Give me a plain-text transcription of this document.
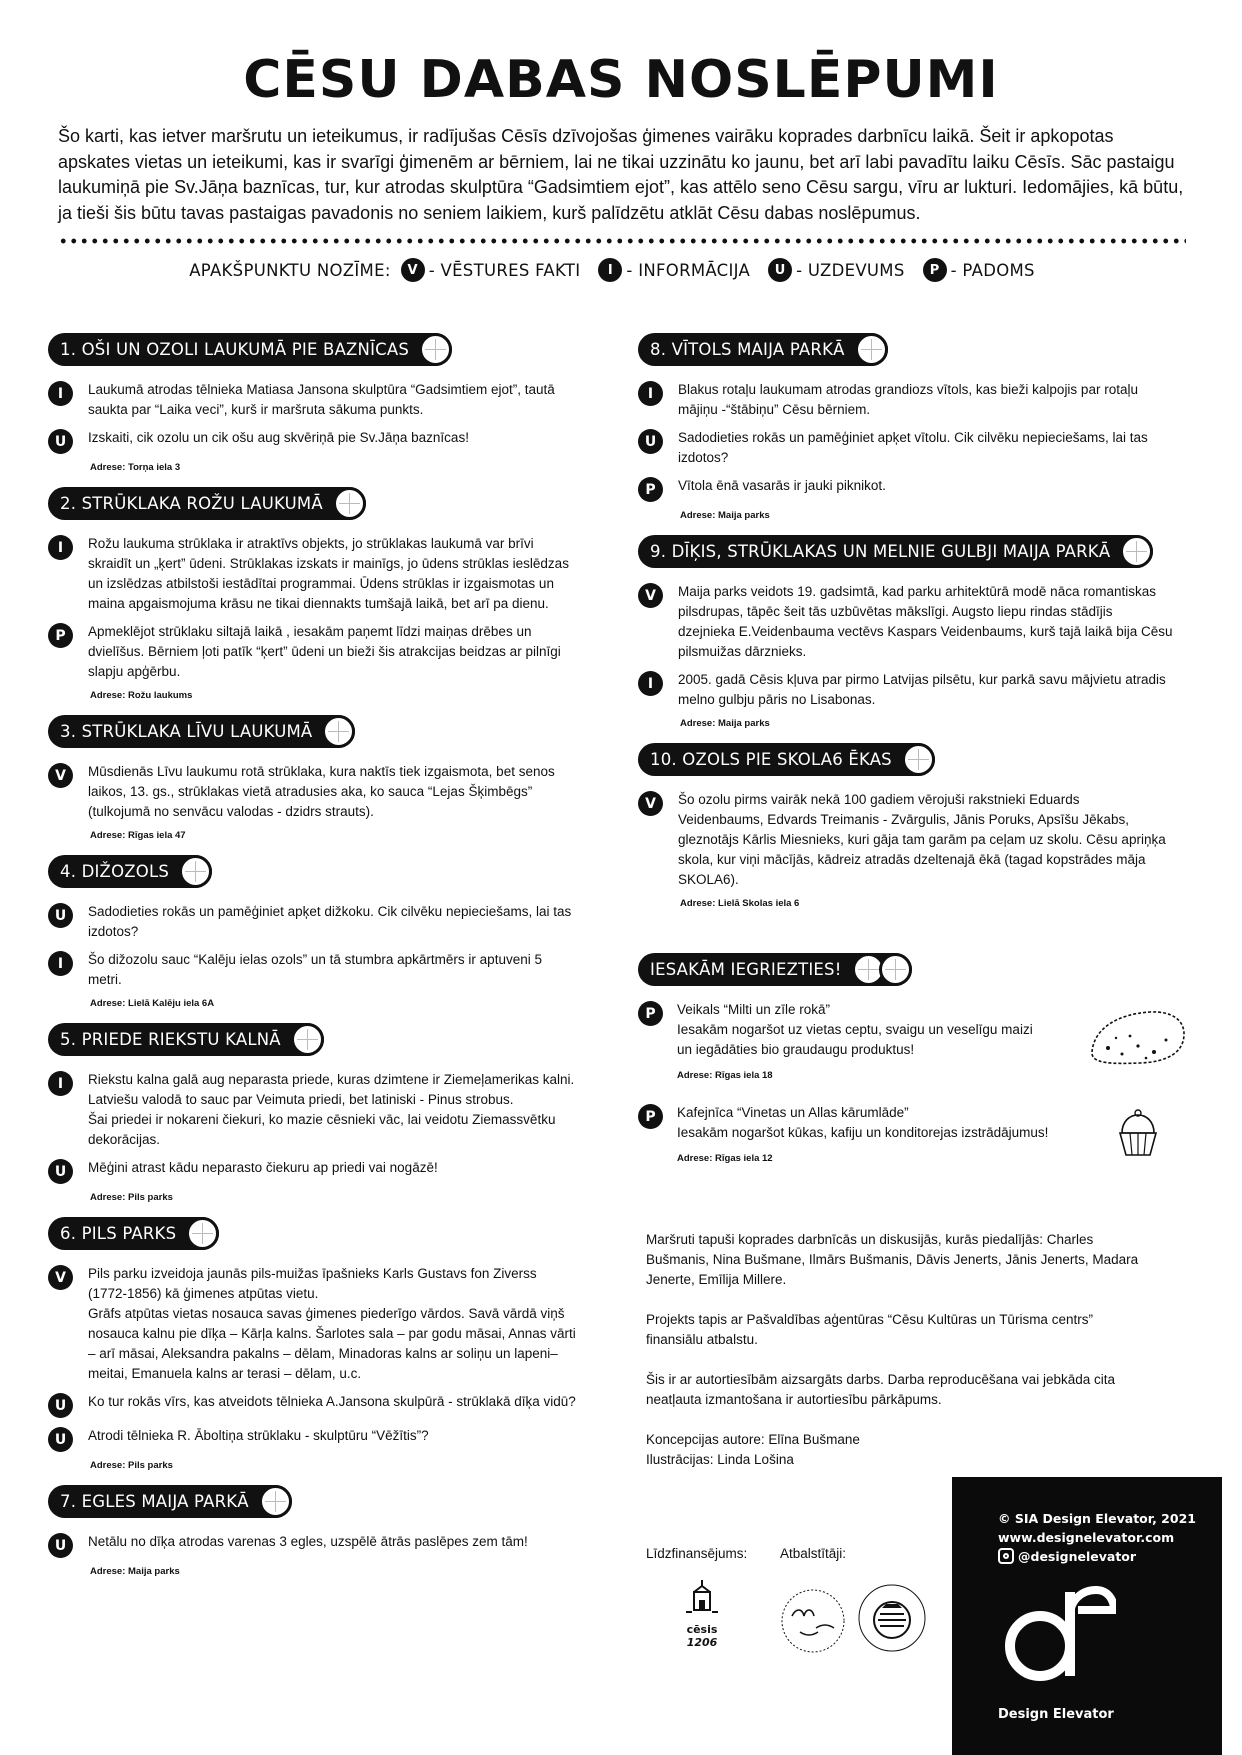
CĒSU DABAS NOSLĒPUMI
Šo karti, kas ietver maršrutu un ieteikumus, ir radījušas Cēsīs dzīvojošas ģimenes vairāku koprades darbnīcu laikā. Šeit ir apkopotas apskates vietas un ieteikumi, kas ir svarīgi ģimenēm ar bērniem, lai ne tikai uzzinātu ko jaunu, bet arī labi pavadītu laiku Cēsīs. Sāc pastaigu laukumiņā pie Sv.Jāņa baznīcas, tur, kur atrodas skulptūra “Gadsimtiem ejot”, kas attēlo seno Cēsu sargu, vīru ar lukturi. Iedomājies, kā būtu, ja tieši šis būtu tavas pastaigas pavadonis no seniem laikiem, kurš palīdzētu atklāt Cēsu dabas noslēpumus.
APAKŠPUNKTU NOZĪME:	V - VĒSTURES FAKTI	I - INFORMĀCIJA	U - UZDEVUMS	P - PADOMS
1. OŠI UN OZOLI LAUKUMĀ PIE BAZNĪCAS
I	Laukumā atrodas tēlnieka Matiasa Jansona skulptūra “Gadsimtiem ejot”, tautā
saukta par “Laika veci”, kurš ir maršruta sākuma punkts.
U	Izskaiti, cik ozolu un cik ošu aug skvēriņā pie Sv.Jāņa baznīcas!
Adrese: Torņa iela 3
2. STRŪKLAKA ROŽU LAUKUMĀ
I	Rožu laukuma strūklaka ir atraktīvs objekts, jo strūklakas laukumā var brīvi
skraidīt un „ķert” ūdeni. Strūklakas izskats ir mainīgs, jo ūdens strūklas ieslēdzas
un izslēdzas atbilstoši iestādītai programmai. Ūdens strūklas ir izgaismotas un
maina apgaismojuma krāsu ne tikai diennakts tumšajā laikā, bet arī pa dienu.
P	Apmeklējot strūklaku siltajā laikā , iesakām paņemt līdzi maiņas drēbes un
dvielīšus. Bērniem ļoti patīk “ķert” ūdeni un bieži šis atrakcijas beidzas ar pilnīgi
slapju apģērbu.
Adrese: Rožu laukums
3. STRŪKLAKA LĪVU LAUKUMĀ
V	Mūsdienās Līvu laukumu rotā strūklaka, kura naktīs tiek izgaismota, bet senos
laikos, 13. gs., strūklakas vietā atradusies aka, ko sauca “Lejas Šķimbēgs”
(tulkojumā no senvācu valodas - dzidrs strauts).
Adrese: Rīgas iela 47
4. DIŽOZOLS
U	Sadodieties rokās un pamēģiniet apķet dižkoku. Cik cilvēku nepieciešams, lai tas
izdotos?
I	Šo dižozolu sauc “Kalēju ielas ozols” un tā stumbra apkārtmērs ir aptuveni 5
metri.
Adrese: Lielā Kalēju iela 6A
5. PRIEDE RIEKSTU KALNĀ
I	Riekstu kalna galā aug neparasta priede, kuras dzimtene ir Ziemeļamerikas kalni.
Latviešu valodā to sauc par Veimuta priedi, bet latiniski - Pinus strobus.
Šai priedei ir nokareni čiekuri, ko mazie cēsnieki vāc, lai veidotu Ziemassvētku
dekorācijas.
U	Mēģini atrast kādu neparasto čiekuru ap priedi vai nogāzē!
Adrese: Pils parks
6. PILS PARKS
V	Pils parku izveidoja jaunās pils-muižas īpašnieks Karls Gustavs fon Ziverss
(1772-1856) kā ģimenes atpūtas vietu.
Grāfs atpūtas vietas nosauca savas ģimenes piederīgo vārdos. Savā vārdā viņš
nosauca kalnu pie dīķa – Kārļa kalns. Šarlotes sala – par godu māsai, Annas vārti
– arī māsai, Aleksandra pakalns – dēlam, Minadoras kalns ar soliņu un lapeni–
meitai, Emanuela kalns ar terasi – dēlam, u.c.
U	Ko tur rokās vīrs, kas atveidots tēlnieka A.Jansona skulpūrā - strūklakā dīķa vidū?
U	Atrodi tēlnieka R. Āboltiņa strūklaku - skulptūru “Vēžītis”?
Adrese: Pils parks
7. EGLES MAIJA PARKĀ
U	Netālu no dīķa atrodas varenas 3 egles, uzspēlē ātrās paslēpes zem tām!
Adrese: Maija parks
8. VĪTOLS MAIJA PARKĀ
I	Blakus rotaļu laukumam atrodas grandiozs vītols, kas bieži kalpojis par rotaļu
mājiņu -“štābiņu” Cēsu bērniem.
U	Sadodieties rokās un pamēģiniet apķet vītolu. Cik cilvēku nepieciešams, lai tas
izdotos?
P	Vītola ēnā vasarās ir jauki piknikot.
Adrese: Maija parks
9. DĪĶIS, STRŪKLAKAS UN MELNIE GULBJI MAIJA PARKĀ
V	Maija parks veidots 19. gadsimtā, kad parku arhitektūrā modē nāca romantiskas
pilsdrupas, tāpēc šeit tās uzbūvētas mākslīgi. Augsto liepu rindas stādījis
dzejnieka E.Veidenbauma vectēvs Kaspars Veidenbaums, kurš tajā laikā bija Cēsu
pilsmuižas dārznieks.
I	2005. gadā Cēsis kļuva par pirmo Latvijas pilsētu, kur parkā savu mājvietu atradis
melno gulbju pāris no Lisabonas.
Adrese: Maija parks
10. OZOLS PIE SKOLA6 ĒKAS
V	Šo ozolu pirms vairāk nekā 100 gadiem vērojuši rakstnieki Eduards
Veidenbaums, Edvards Treimanis - Zvārgulis, Jānis Poruks, Apsīšu Jēkabs,
gleznotājs Kārlis Miesnieks, kuri gāja tam garām pa ceļam uz skolu. Cēsu apriņķa
skola, kur viņi mācījās, kādreiz atradās dzeltenajā ēkā (tagad kopstrādes māja
SKOLA6).
Adrese: Lielā Skolas iela 6
IESAKĀM IEGRIEZTIES!
P	Veikals “Milti un zīle rokā”
Iesakām nogaršot uz vietas ceptu, svaigu un veselīgu maizi
un iegādāties bio graudaugu produktus!
Adrese: Rīgas iela 18
P	Kafejnīca “Vinetas un Allas kārumlāde”
Iesakām nogaršot kūkas, kafiju un konditorejas izstrādājumus!
Adrese: Rīgas iela 12

Maršruti tapuši koprades darbnīcās un diskusijās, kurās piedalījās: Charles Bušmanis, Nina Bušmane, Ilmārs Bušmanis, Dāvis Jenerts, Jānis Jenerts, Madara Jenerte, Emīlija Millere.

Projekts tapis ar Pašvaldības aģentūras “Cēsu Kultūras un Tūrisma centrs” finansiālu atbalstu.

Šis ir ar autortiesībām aizsargāts darbs. Darba reproducēšana vai jebkāda cita neatļauta izmantošana ir autortiesību pārkāpums.

Koncepcijas autore: Elīna Bušmane
Ilustrācijas: Linda Lošina

Līdzfinansējums:	Atbalstītāji:
cēsis
1206
© SIA Design Elevator, 2021
www.designelevator.com
@designelevator
Design Elevator
